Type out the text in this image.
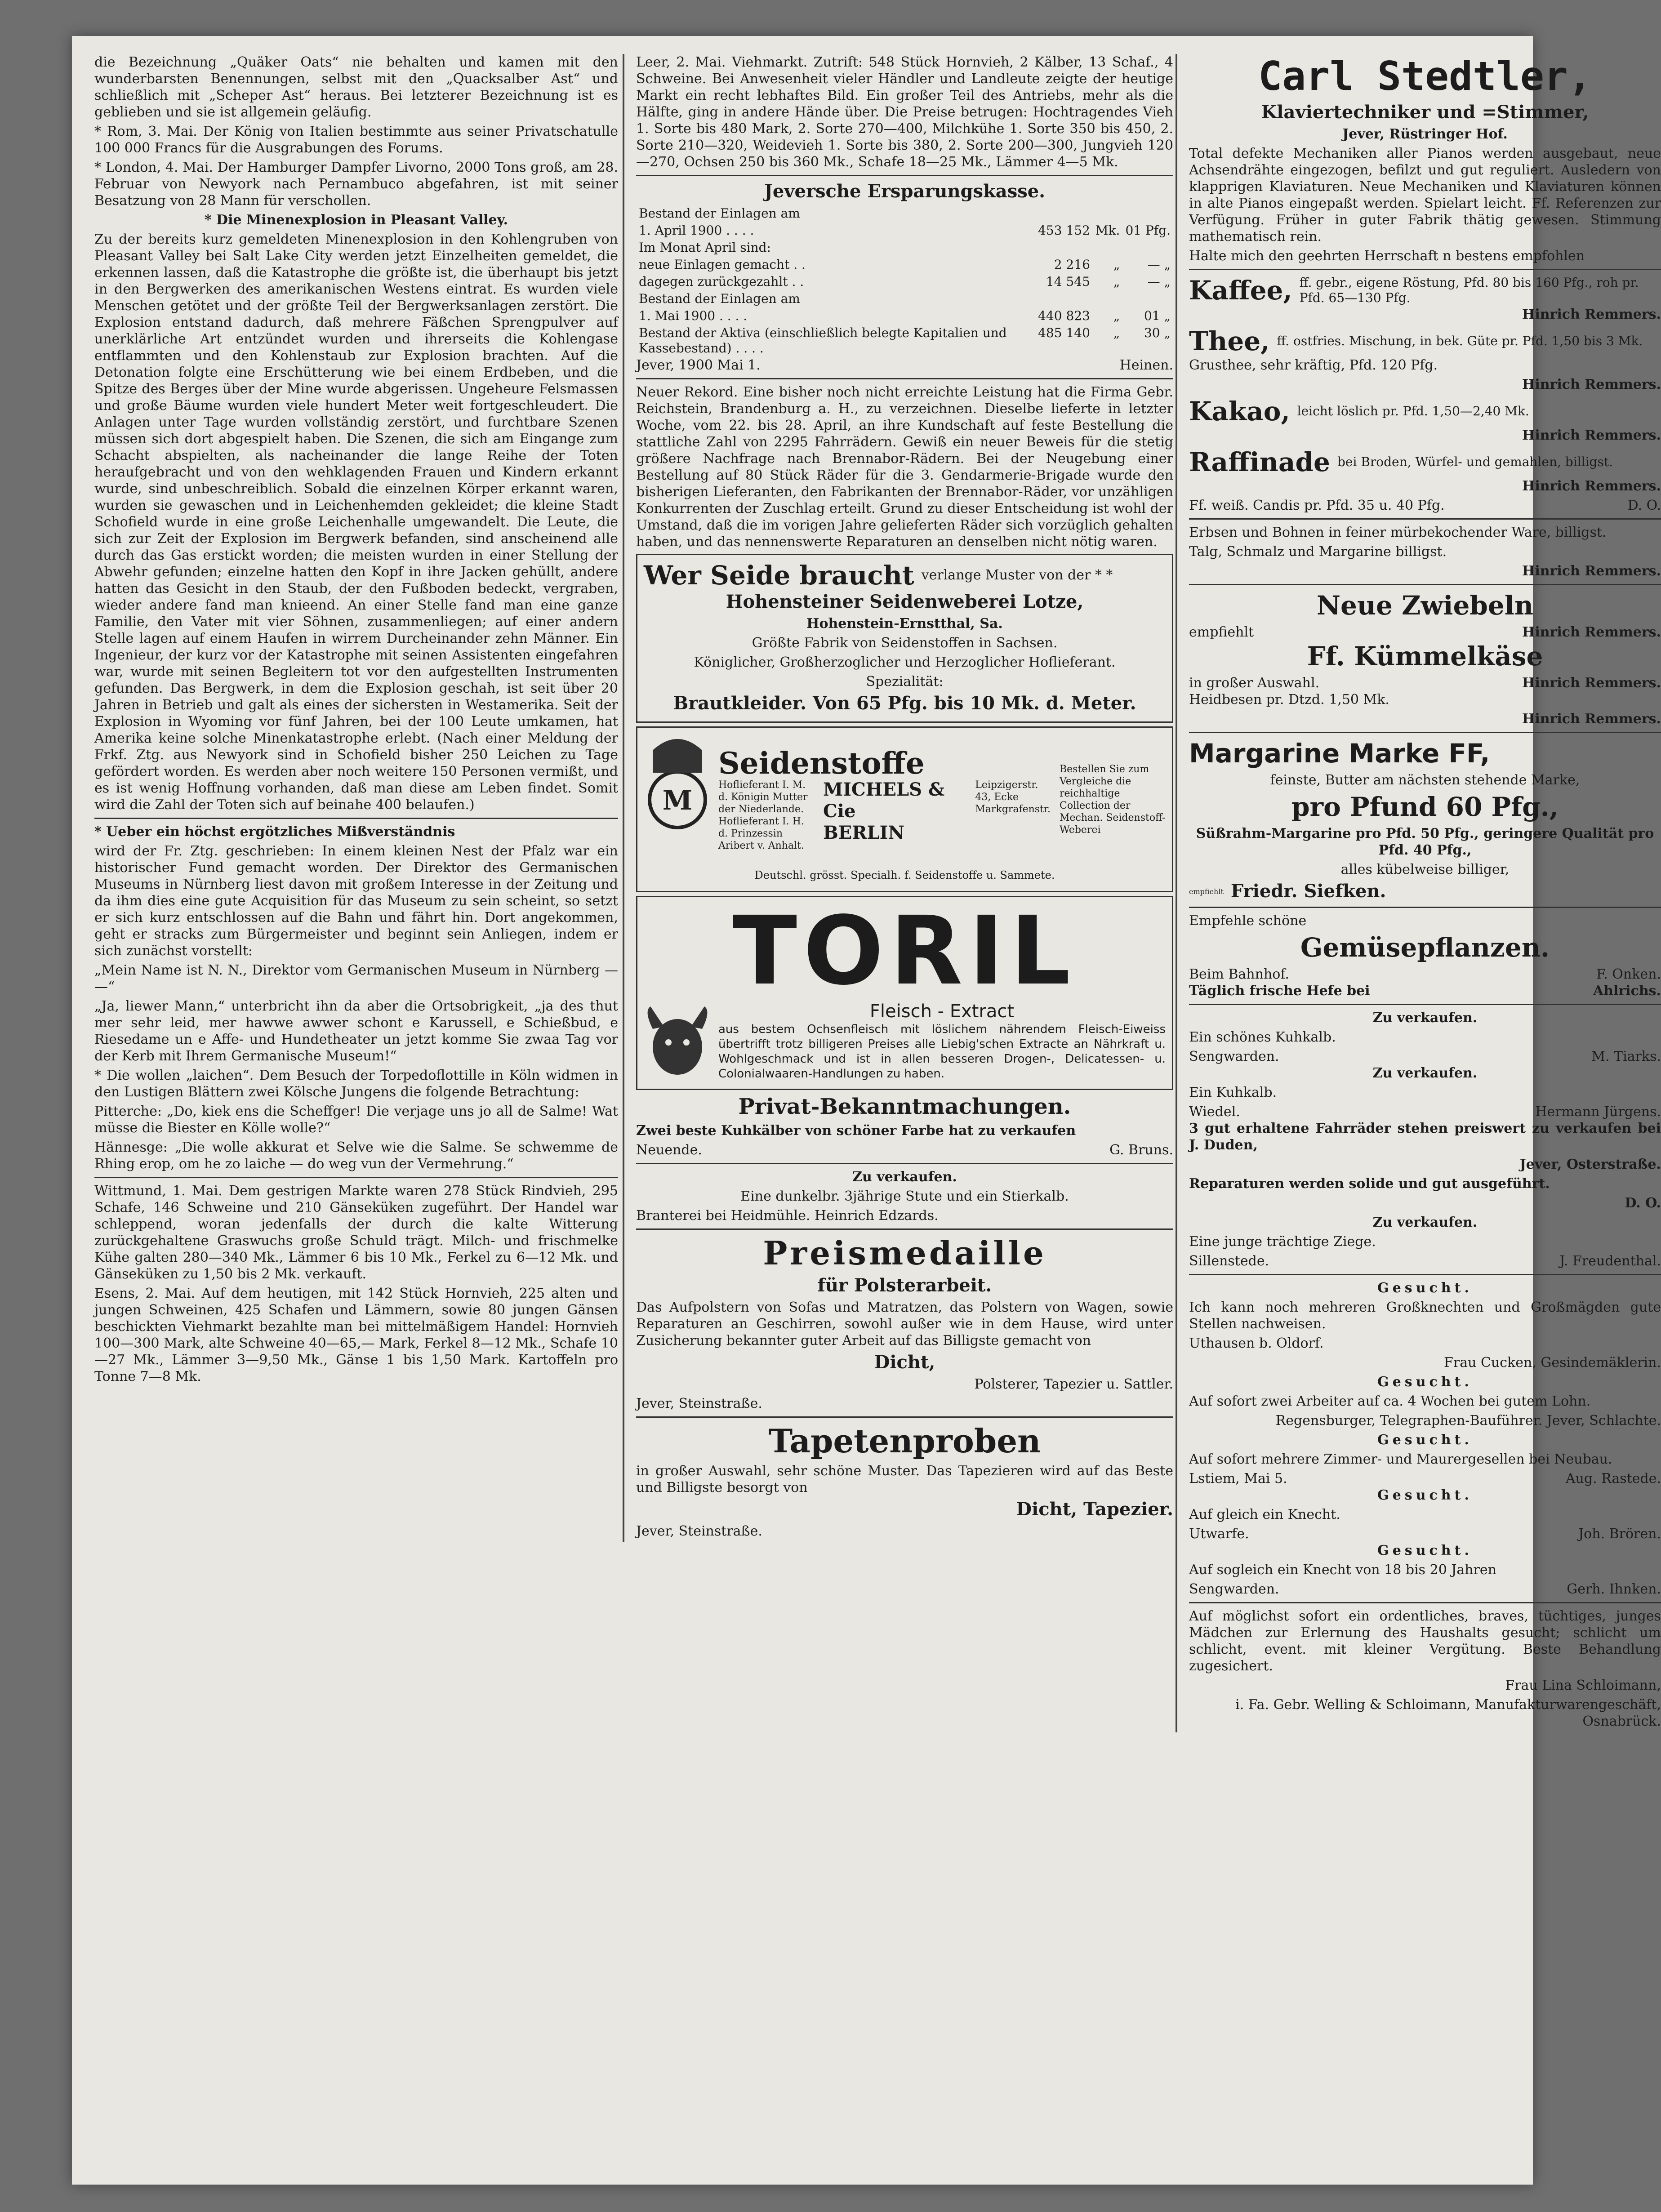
die Bezeichnung „Quäker Oats“ nie behalten und kamen mit den wunderbarsten Benennungen, selbst mit den „Quacksalber Ast“ und schließlich mit „Scheper Ast“ heraus. Bei letzterer Bezeichnung ist es geblieben und sie ist allgemein geläufig.

* Rom, 3. Mai. Der König von Italien bestimmte aus seiner Privatschatulle 100 000 Francs für die Ausgrabungen des Forums.

* London, 4. Mai. Der Hamburger Dampfer Livorno, 2000 Tons groß, am 28. Februar von Newyork nach Pernambuco abgefahren, ist mit seiner Besatzung von 28 Mann für verschollen.

* Die Minenexplosion in Pleasant Valley.

Zu der bereits kurz gemeldeten Minenexplosion in den Kohlengruben von Pleasant Valley bei Salt Lake City werden jetzt Einzelheiten gemeldet, die erkennen lassen, daß die Katastrophe die größte ist, die überhaupt bis jetzt in den Bergwerken des amerikanischen Westens eintrat. Es wurden viele Menschen getötet und der größte Teil der Bergwerksanlagen zerstört. Die Explosion entstand dadurch, daß mehrere Fäßchen Sprengpulver auf unerklärliche Art entzündet wurden und ihrerseits die Kohlengase entflammten und den Kohlenstaub zur Explosion brachten. Auf die Detonation folgte eine Erschütterung wie bei einem Erdbeben, und die Spitze des Berges über der Mine wurde abgerissen. Ungeheure Felsmassen und große Bäume wurden viele hundert Meter weit fortgeschleudert. Die Anlagen unter Tage wurden vollständig zerstört, und furchtbare Szenen müssen sich dort abgespielt haben. Die Szenen, die sich am Eingange zum Schacht abspielten, als nacheinander die lange Reihe der Toten heraufgebracht und von den wehklagenden Frauen und Kindern erkannt wurde, sind unbeschreiblich. Sobald die einzelnen Körper erkannt waren, wurden sie gewaschen und in Leichenhemden gekleidet; die kleine Stadt Schofield wurde in eine große Leichenhalle umgewandelt. Die Leute, die sich zur Zeit der Explosion im Bergwerk befanden, sind anscheinend alle durch das Gas erstickt worden; die meisten wurden in einer Stellung der Abwehr gefunden; einzelne hatten den Kopf in ihre Jacken gehüllt, andere hatten das Gesicht in den Staub, der den Fußboden bedeckt, vergraben, wieder andere fand man knieend. An einer Stelle fand man eine ganze Familie, den Vater mit vier Söhnen, zusammenliegen; auf einer andern Stelle lagen auf einem Haufen in wirrem Durcheinander zehn Männer. Ein Ingenieur, der kurz vor der Katastrophe mit seinen Assistenten eingefahren war, wurde mit seinen Begleitern tot vor den aufgestellten Instrumenten gefunden. Das Bergwerk, in dem die Explosion geschah, ist seit über 20 Jahren in Betrieb und galt als eines der sichersten in Westamerika. Seit der Explosion in Wyoming vor fünf Jahren, bei der 100 Leute umkamen, hat Amerika keine solche Minenkatastrophe erlebt. (Nach einer Meldung der Frkf. Ztg. aus Newyork sind in Schofield bisher 250 Leichen zu Tage gefördert worden. Es werden aber noch weitere 150 Personen vermißt, und es ist wenig Hoffnung vorhanden, daß man diese am Leben findet. Somit wird die Zahl der Toten sich auf beinahe 400 belaufen.)

* Ueber ein höchst ergötzliches Mißverständnis

wird der Fr. Ztg. geschrieben: In einem kleinen Nest der Pfalz war ein historischer Fund gemacht worden. Der Direktor des Germanischen Museums in Nürnberg liest davon mit großem Interesse in der Zeitung und da ihm dies eine gute Acquisition für das Museum zu sein scheint, so setzt er sich kurz entschlossen auf die Bahn und fährt hin. Dort angekommen, geht er stracks zum Bürgermeister und beginnt sein Anliegen, indem er sich zunächst vorstellt:

„Mein Name ist N. N., Direktor vom Germanischen Museum in Nürnberg — —“

„Ja, liewer Mann,“ unterbricht ihn da aber die Ortsobrigkeit, „ja des thut mer sehr leid, mer hawwe awwer schont e Karussell, e Schießbud, e Riesedame un e Affe- und Hundetheater un jetzt komme Sie zwaa Tag vor der Kerb mit Ihrem Germanische Museum!“

* Die wollen „laichen“. Dem Besuch der Torpedoflottille in Köln widmen in den Lustigen Blättern zwei Kölsche Jungens die folgende Betrachtung:

Pitterche: „Do, kiek ens die Scheffger! Die verjage uns jo all de Salme! Wat müsse die Biester en Kölle wolle?“

Hännesge: „Die wolle akkurat et Selve wie die Salme. Se schwemme de Rhing erop, om he zo laiche — do weg vun der Vermehrung.“

Wittmund, 1. Mai. Dem gestrigen Markte waren 278 Stück Rindvieh, 295 Schafe, 146 Schweine und 210 Gänseküken zugeführt. Der Handel war schleppend, woran jedenfalls der durch die kalte Witterung zurückgehaltene Graswuchs große Schuld trägt. Milch- und frischmelke Kühe galten 280—340 Mk., Lämmer 6 bis 10 Mk., Ferkel zu 6—12 Mk. und Gänseküken zu 1,50 bis 2 Mk. verkauft.

Esens, 2. Mai. Auf dem heutigen, mit 142 Stück Hornvieh, 225 alten und jungen Schweinen, 425 Schafen und Lämmern, sowie 80 jungen Gänsen beschickten Viehmarkt bezahlte man bei mittelmäßigem Handel: Hornvieh 100—300 Mark, alte Schweine 40—65,— Mark, Ferkel 8—12 Mk., Schafe 10—27 Mk., Lämmer 3—9,50 Mk., Gänse 1 bis 1,50 Mark. Kartoffeln pro Tonne 7—8 Mk.

Leer, 2. Mai. Viehmarkt. Zutrift: 548 Stück Hornvieh, 2 Kälber, 13 Schaf., 4 Schweine. Bei Anwesenheit vieler Händler und Landleute zeigte der heutige Markt ein recht lebhaftes Bild. Ein großer Teil des Antriebs, mehr als die Hälfte, ging in andere Hände über. Die Preise betrugen: Hochtragendes Vieh 1. Sorte bis 480 Mark, 2. Sorte 270—400, Milchkühe 1. Sorte 350 bis 450, 2. Sorte 210—320, Weidevieh 1. Sorte bis 380, 2. Sorte 200—300, Jungvieh 120—270, Ochsen 250 bis 360 Mk., Schafe 18—25 Mk., Lämmer 4—5 Mk.

Jeversche Ersparungskasse.

Bestand der Einlagen am			
1. April 1900 . . . .	453 152	Mk.	01 Pfg.
Im Monat April sind:			
neue Einlagen gemacht . .	2 216	„	— „
dagegen zurückgezahlt . .	14 545	„	— „
Bestand der Einlagen am			
1. Mai 1900 . . . .	440 823	„	01 „
Bestand der Aktiva (einschließlich belegte Kapitalien und Kassebestand) . . . .	485 140	„	30 „
Jever, 1900 Mai 1.	Heinen.

Neuer Rekord. Eine bisher noch nicht erreichte Leistung hat die Firma Gebr. Reichstein, Brandenburg a. H., zu verzeichnen. Dieselbe lieferte in letzter Woche, vom 22. bis 28. April, an ihre Kundschaft auf feste Bestellung die stattliche Zahl von 2295 Fahrrädern. Gewiß ein neuer Beweis für die stetig größere Nachfrage nach Brennabor-Rädern. Bei der Neugebung einer Bestellung auf 80 Stück Räder für die 3. Gendarmerie-Brigade wurde den bisherigen Lieferanten, den Fabrikanten der Brennabor-Räder, vor unzähligen Konkurrenten der Zuschlag erteilt. Grund zu dieser Entscheidung ist wohl der Umstand, daß die im vorigen Jahre gelieferten Räder sich vorzüglich gehalten haben, und das nennenswerte Reparaturen an denselben nicht nötig waren.

Wer Seide braucht verlange Muster von der * *

Hohensteiner Seidenweberei Lotze,

Hohenstein-Ernstthal, Sa.

Größte Fabrik von Seidenstoffen in Sachsen.

Königlicher, Großherzoglicher und Herzoglicher Hoflieferant.

Spezialität:

Brautkleider. Von 65 Pfg. bis 10 Mk. d. Meter.

M
Seidenstoffe
Hoflieferant I. M. d. Königin Mutter der Niederlande. Hoflieferant I. H. d. Prinzessin Aribert v. Anhalt.
MICHELS & Cie
BERLIN
Leipzigerstr. 43, Ecke Markgrafenstr.
Bestellen Sie zum Vergleiche die reichhaltige Collection der Mechan. Seidenstoff-Weberei

Deutschl. grösst. Specialh. f. Seidenstoffe u. Sammete.

TORIL
Fleisch - Extract

aus bestem Ochsenfleisch mit löslichem nährendem Fleisch-Eiweiss übertrifft trotz billigeren Preises alle Liebig'schen Extracte an Nährkraft u. Wohlgeschmack und ist in allen besseren Drogen-, Delicatessen- u. Colonialwaaren-Handlungen zu haben.

Privat-Bekanntmachungen.

Zwei beste Kuhkälber von schöner Farbe hat zu verkaufen

Neuende.	G. Bruns.

Zu verkaufen.

Eine dunkelbr. 3jährige Stute und ein Stierkalb.

Branterei bei Heidmühle. Heinrich Edzards.

Preismedaille

für Polsterarbeit.

Das Aufpolstern von Sofas und Matratzen, das Polstern von Wagen, sowie Reparaturen an Geschirren, sowohl außer wie in dem Hause, wird unter Zusicherung bekannter guter Arbeit auf das Billigste gemacht von

Dicht,

Polsterer, Tapezier u. Sattler.

Jever, Steinstraße.

Tapetenproben

in großer Auswahl, sehr schöne Muster. Das Tapezieren wird auf das Beste und Billigste besorgt von

Dicht, Tapezier.

Jever, Steinstraße.

Carl Stedtler,

Klaviertechniker und =Stimmer,

Jever, Rüstringer Hof.

Total defekte Mechaniken aller Pianos werden ausgebaut, neue Achsendrähte eingezogen, befilzt und gut reguliert. Ausledern von klapprigen Klaviaturen. Neue Mechaniken und Klaviaturen können in alte Pianos eingepaßt werden. Spielart leicht. Ff. Referenzen zur Verfügung. Früher in guter Fabrik thätig gewesen. Stimmung mathematisch rein.

Halte mich den geehrten Herrschaft n bestens empfohlen

Kaffee, ff. gebr., eigene Röstung, Pfd. 80 bis 160 Pfg., roh pr. Pfd. 65—130 Pfg.

Hinrich Remmers.

Thee, ff. ostfries. Mischung, in bek. Güte pr. Pfd. 1,50 bis 3 Mk.

Grusthee, sehr kräftig, Pfd. 120 Pfg.

Hinrich Remmers.

Kakao, leicht löslich pr. Pfd. 1,50—2,40 Mk.

Hinrich Remmers.

Raffinade bei Broden, Würfel- und gemahlen, billigst.

Hinrich Remmers.

Ff. weiß. Candis pr. Pfd. 35 u. 40 Pfg.	D. O.

Erbsen und Bohnen in feiner mürbekochender Ware, billigst.

Talg, Schmalz und Margarine billigst.

Hinrich Remmers.

Neue Zwiebeln

empfiehlt	Hinrich Remmers.

Ff. Kümmelkäse

in großer Auswahl.	Hinrich Remmers.

Heidbesen pr. Dtzd. 1,50 Mk.

Hinrich Remmers.

Margarine Marke FF,

feinste, Butter am nächsten stehende Marke,

pro Pfund 60 Pfg.,

Süßrahm-Margarine pro Pfd. 50 Pfg., geringere Qualität pro Pfd. 40 Pfg.,

alles kübelweise billiger,

empfiehlt Friedr. Siefken.

Empfehle schöne

Gemüsepflanzen.

Beim Bahnhof.	F. Onken.
Täglich frische Hefe bei	Ahlrichs.

Zu verkaufen.

Ein schönes Kuhkalb.

Sengwarden.	M. Tiarks.

Zu verkaufen.

Ein Kuhkalb.

Wiedel.	Hermann Jürgens.

3 gut erhaltene Fahrräder stehen preiswert zu verkaufen bei J. Duden,

Jever, Osterstraße.

Reparaturen werden solide und gut ausgeführt.

D. O.

Zu verkaufen.

Eine junge trächtige Ziege.

Sillenstede.	J. Freudenthal.

Gesucht.

Ich kann noch mehreren Großknechten und Großmägden gute Stellen nachweisen.

Uthausen b. Oldorf.

Frau Cucken, Gesindemäklerin.

Gesucht.

Auf sofort zwei Arbeiter auf ca. 4 Wochen bei gutem Lohn.

Regensburger, Telegraphen-Bauführer. Jever, Schlachte.

Gesucht.

Auf sofort mehrere Zimmer- und Maurergesellen bei Neubau.

Lstiem, Mai 5.	Aug. Rastede.

Gesucht.

Auf gleich ein Knecht.

Utwarfe.	Joh. Brören.

Gesucht.

Auf sogleich ein Knecht von 18 bis 20 Jahren

Sengwarden.	Gerh. Ihnken.

Auf möglichst sofort ein ordentliches, braves, tüchtiges, junges Mädchen zur Erlernung des Haushalts gesucht; schlicht um schlicht, event. mit kleiner Vergütung. Beste Behandlung zugesichert.

Frau Lina Schloimann,

i. Fa. Gebr. Welling & Schloimann, Manufakturwarengeschäft, Osnabrück.
